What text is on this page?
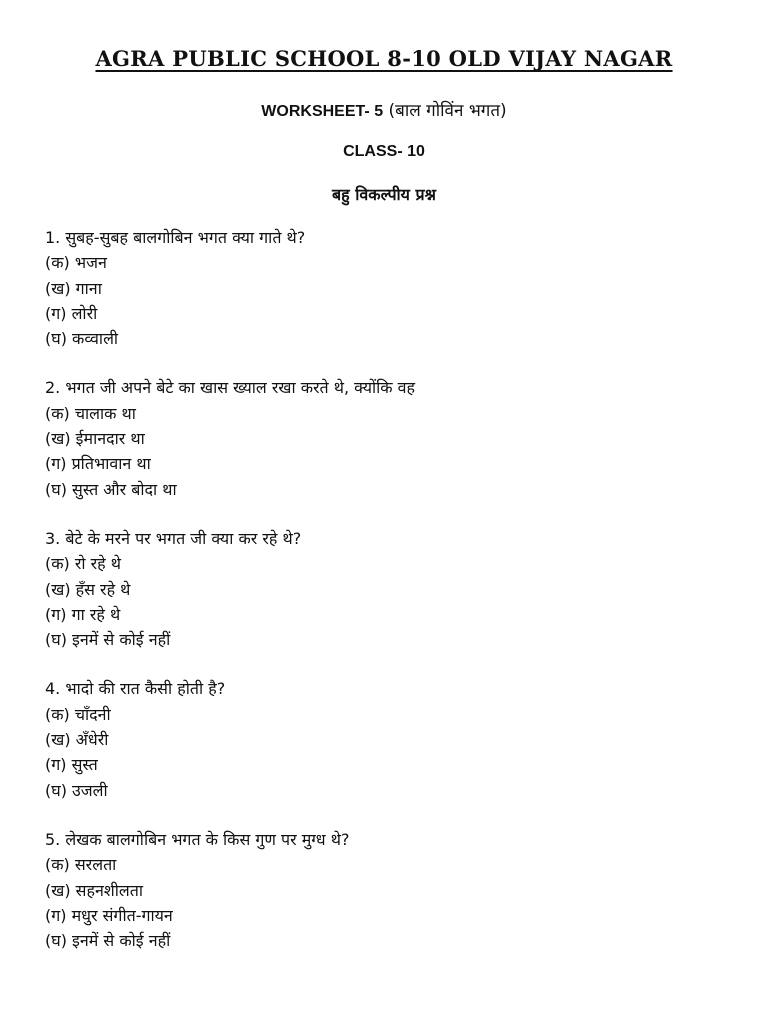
AGRA PUBLIC SCHOOL 8-10 OLD VIJAY NAGAR
WORKSHEET- 5 (बाल गोविंन भगत)
CLASS- 10
बहु विकल्पीय प्रश्न
1. सुबह-सुबह बालगोबिन भगत क्या गाते थे?
(क) भजन
(ख) गाना
(ग) लोरी
(घ) कव्वाली
2. भगत जी अपने बेटे का खास ख्याल रखा करते थे, क्योंकि वह
(क) चालाक था
(ख) ईमानदार था
(ग) प्रतिभावान था
(घ) सुस्त और बोदा था
3. बेटे के मरने पर भगत जी क्या कर रहे थे?
(क) रो रहे थे
(ख) हँस रहे थे
(ग) गा रहे थे
(घ) इनमें से कोई नहीं
4. भादो की रात कैसी होती है?
(क) चाँदनी
(ख) अँधेरी
(ग) सुस्त
(घ) उजली
5. लेखक बालगोबिन भगत के किस गुण पर मुग्ध थे?
(क) सरलता
(ख) सहनशीलता
(ग) मधुर संगीत-गायन
(घ) इनमें से कोई नहीं
